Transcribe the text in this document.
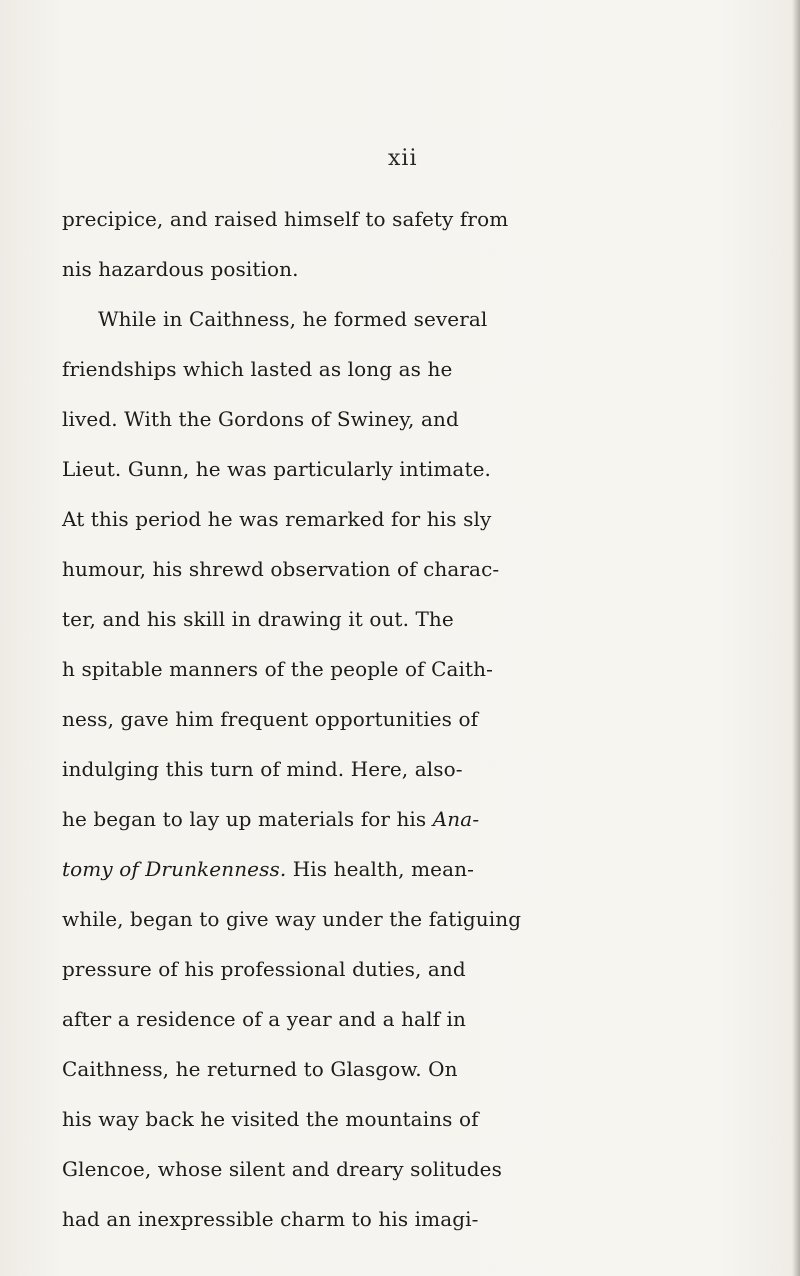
xii
precipice, and raised himself to safety from
nis hazardous position.
While in Caithness, he formed several
friendships which lasted as long as he
lived. With the Gordons of Swiney, and
Lieut. Gunn, he was particularly intimate.
At this period he was remarked for his sly
humour, his shrewd observation of charac-
ter, and his skill in drawing it out. The
h spitable manners of the people of Caith-
ness, gave him frequent opportunities of
indulging this turn of mind. Here, also-
he began to lay up materials for his Ana-
tomy of Drunkenness. His health, mean-
while, began to give way under the fatiguing
pressure of his professional duties, and
after a residence of a year and a half in
Caithness, he returned to Glasgow. On
his way back he visited the mountains of
Glencoe, whose silent and dreary solitudes
had an inexpressible charm to his imagi-
